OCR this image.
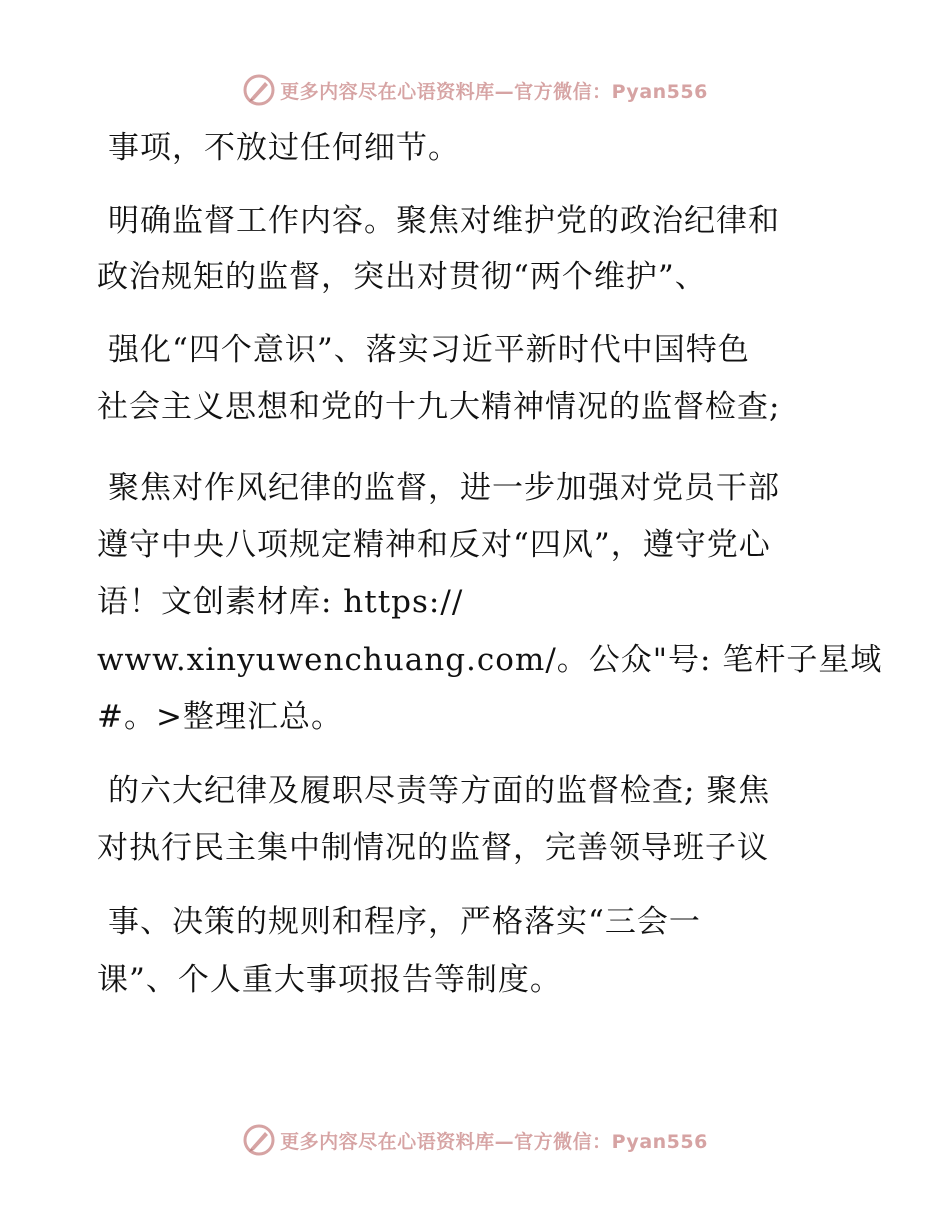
更多内容尽在心语资料库—官方微信：Pyan556
事项，不放过任何细节。
明确监督工作内容。聚焦对维护党的政治纪律和
政治规矩的监督，突出对贯彻“两个维护”、
强化“四个意识”、落实习近平新时代中国特色
社会主义思想和党的十九大精神情况的监督检查;
聚焦对作风纪律的监督，进一步加强对党员干部
遵守中央八项规定精神和反对“四风”，遵守党心
语！文创素材库: https://
www.xinyuwenchuang.com/。公众"号: 笔杆子星域
#。>整理汇总。
的六大纪律及履职尽责等方面的监督检查; 聚焦
对执行民主集中制情况的监督，完善领导班子议
事、决策的规则和程序，严格落实“三会一
课”、个人重大事项报告等制度。
更多内容尽在心语资料库—官方微信：Pyan556
